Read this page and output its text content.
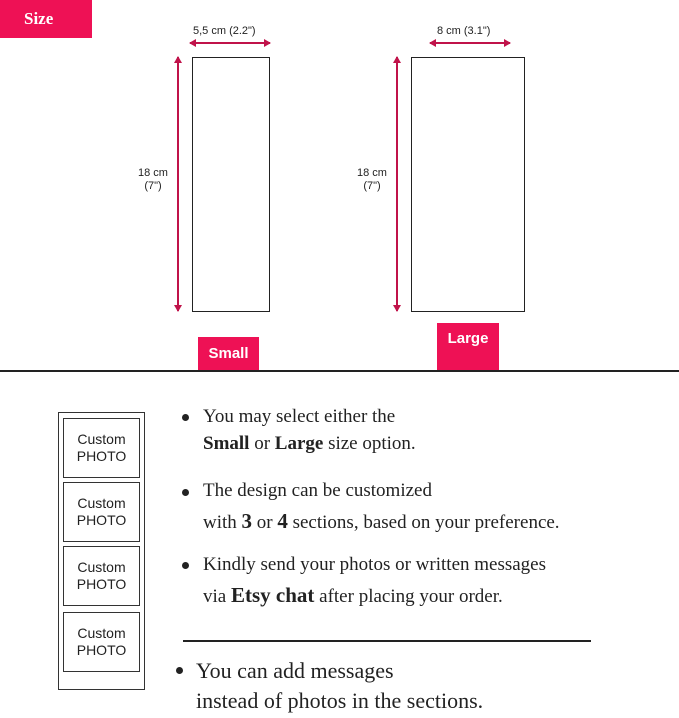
Size
5,5 cm (2.2")
18 cm
(7")
Small
8 cm (3.1")
18 cm
(7")
Large
Custom
PHOTO
Custom
PHOTO
Custom
PHOTO
Custom
PHOTO
You may select either the
Small or Large size option.
The design can be customized
with 3 or 4 sections, based on your preference.
Kindly send your photos or written messages
via Etsy chat after placing your order.
You can add messages
instead of photos in the sections.
